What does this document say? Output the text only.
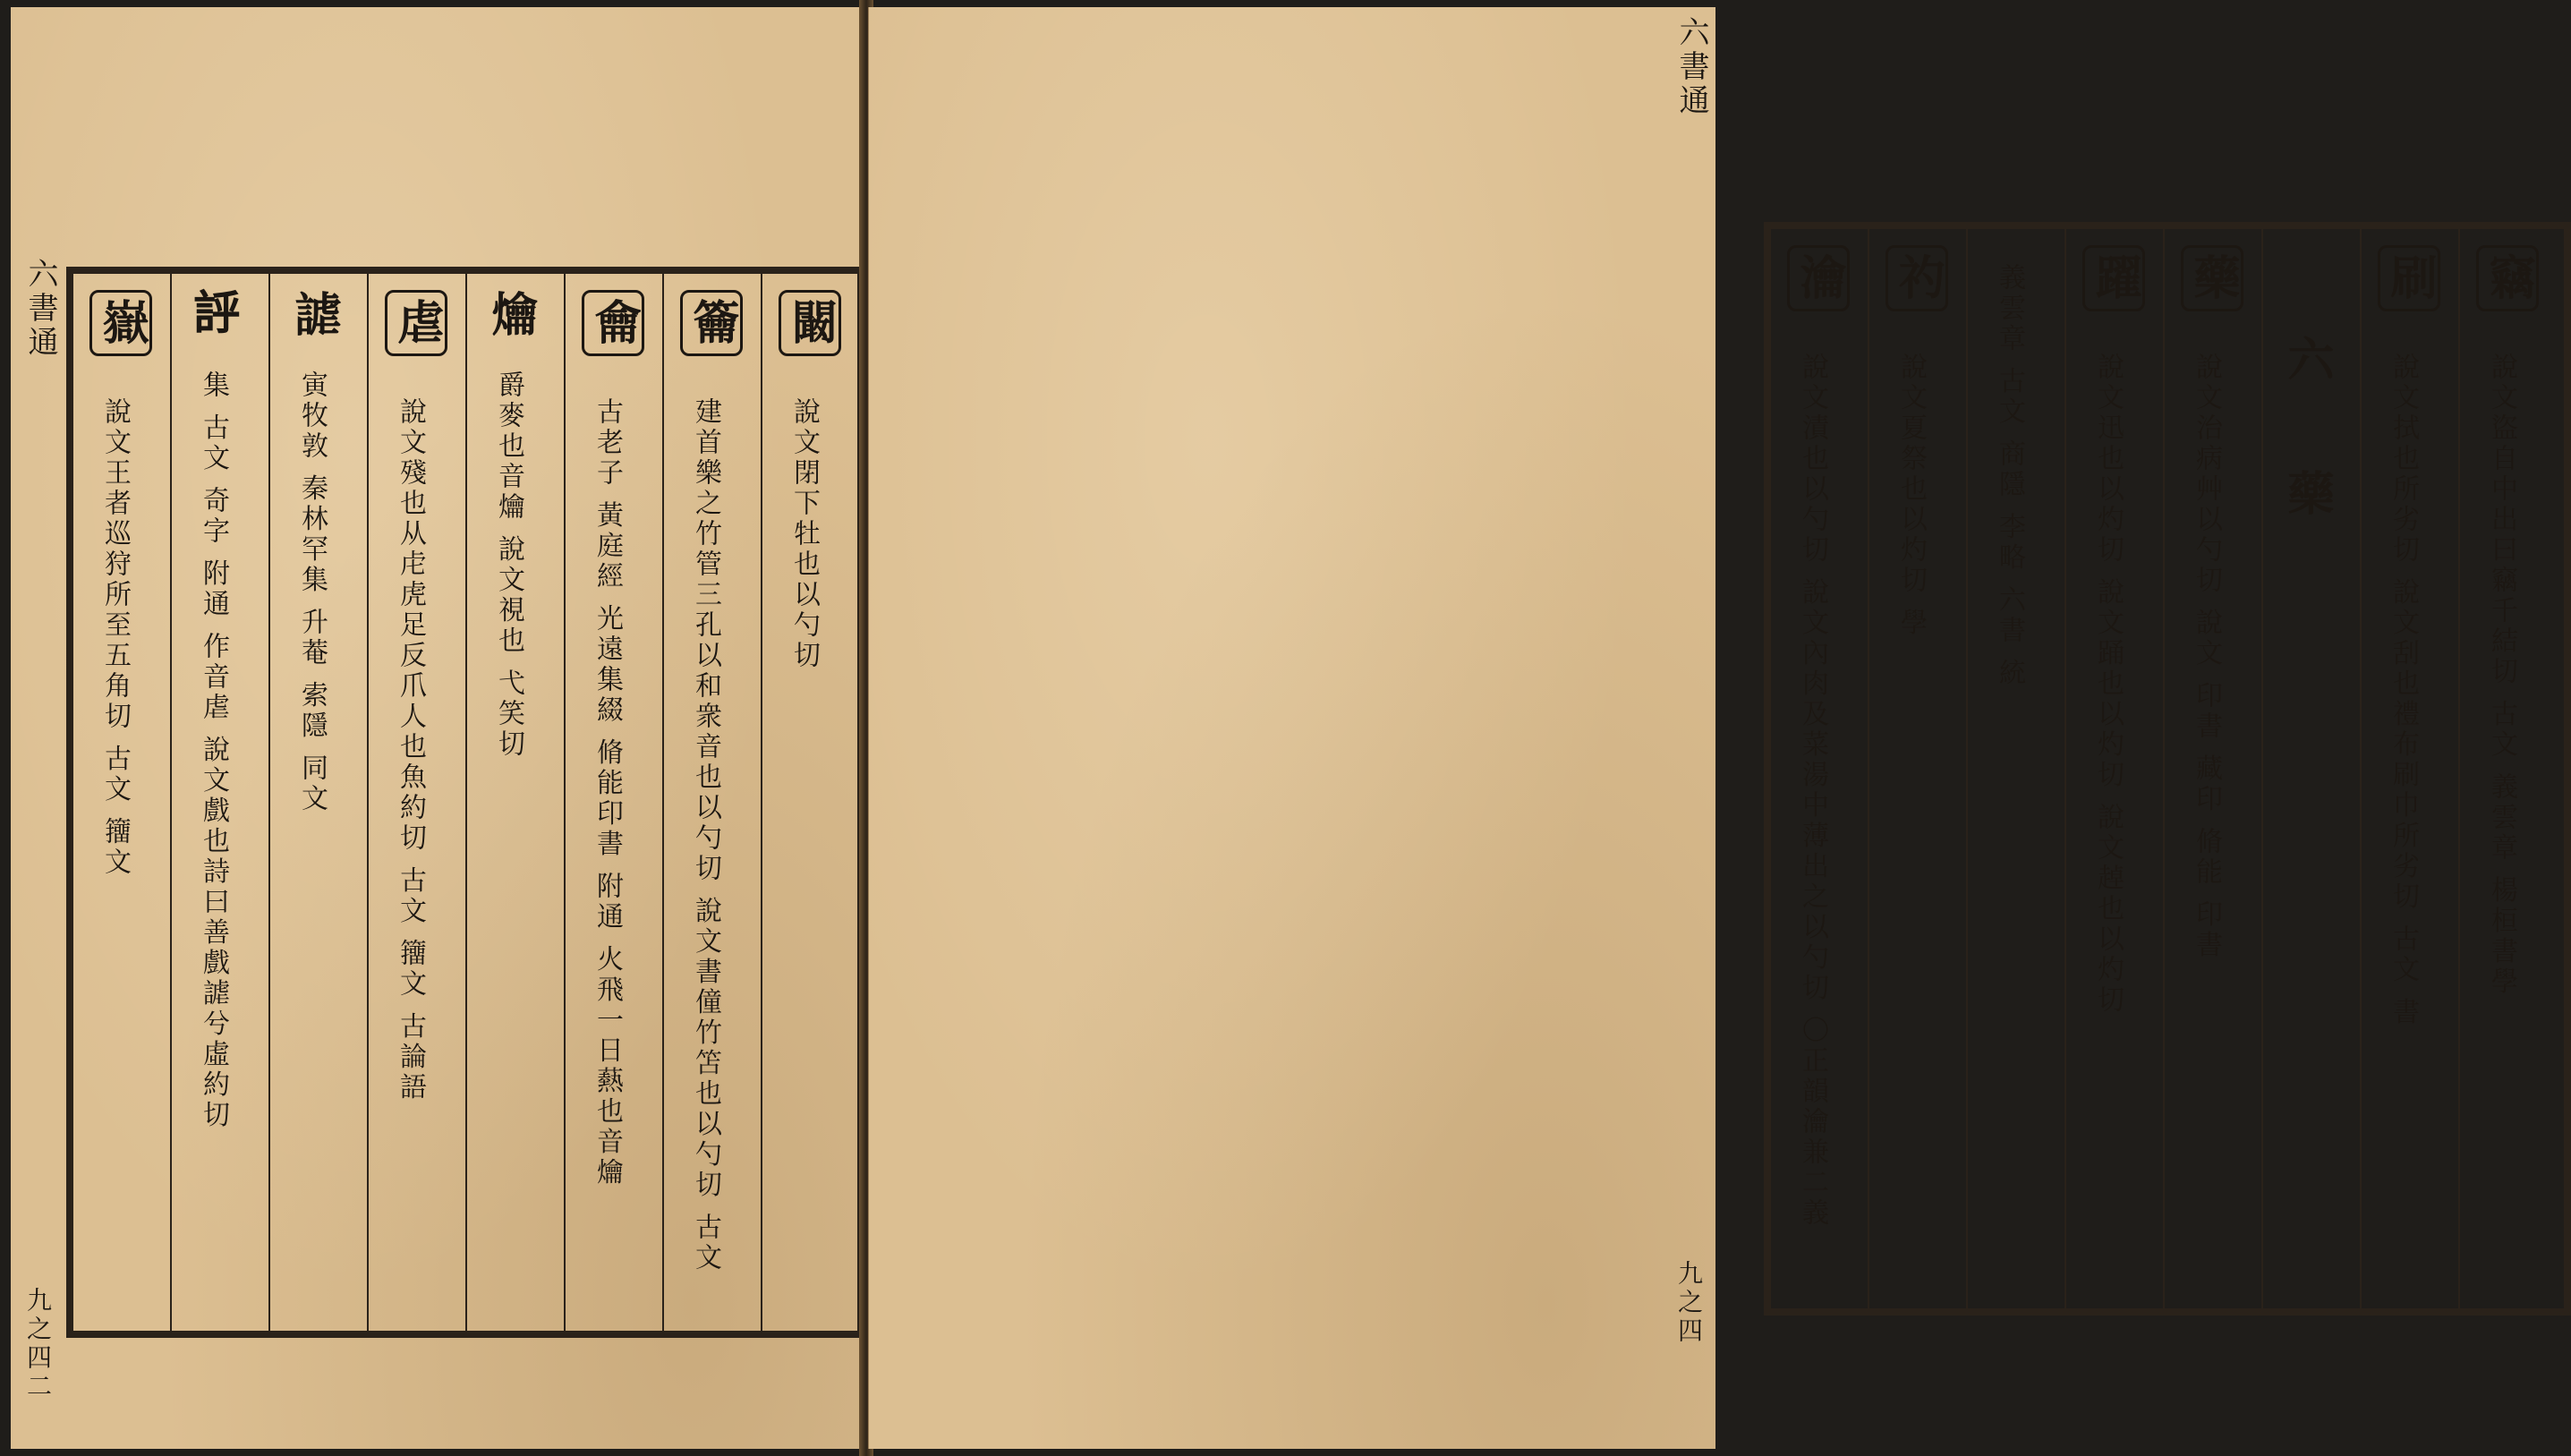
六書通
九之四二
闞
說文閉下牡也以勺切
籥
建首樂之竹管三孔以和衆音也以勺切 說文書僮竹笘也以勺切 古文
龠
古老子 黃庭經 光遠集綴 脩能印書 附通 火飛一日爇也音爚
爚
爵麥也音爚 說文視也 弋笑切
虐
說文殘也从虍虎足反爪人也魚約切 古文 籒文 古論語
謔
寅牧敦 秦林罕集 升菴 索隱 同文
𧦝
集 古文 奇字 附通 作音虐 說文戲也詩曰善戲謔兮虛約切
嶽
說文王者巡狩所至五角切 古文 籒文
六書通
九之四
竊
說文盜自中出曰竊千結切 古文 義雲章 楊桓書學
刷
說文拭也所劣切 說文刮也禮布刷巾所劣切 古文 書
六 藥
藥
說文治病艸以勺切 說文 印書 藏印 脩能 印書
躍
說文迅也以灼切 說文踊也以灼切 說文趠也以灼切
義雲章 古文 商隱 李略 六書 統
礿
說文夏祭也以灼切 學
瀹
說文漬也以勺切 說文內肉及菜湯中薄出之以勺切 〇正韻瀹兼二義
